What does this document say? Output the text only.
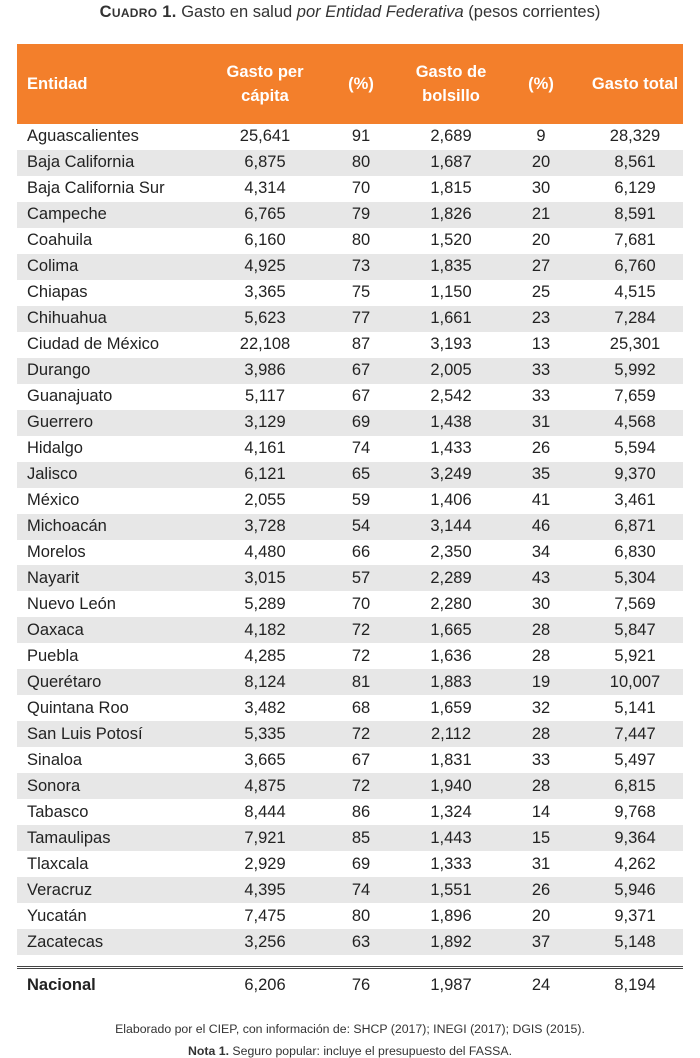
Cuadro 1. Gasto en salud por Entidad Federativa (pesos corrientes)
Entidad	Gasto per cápita	(%)	Gasto de bolsillo	(%)	Gasto total
Aguascalientes	25,641	91	2,689	9	28,329
Baja California	6,875	80	1,687	20	8,561
Baja California Sur	4,314	70	1,815	30	6,129
Campeche	6,765	79	1,826	21	8,591
Coahuila	6,160	80	1,520	20	7,681
Colima	4,925	73	1,835	27	6,760
Chiapas	3,365	75	1,150	25	4,515
Chihuahua	5,623	77	1,661	23	7,284
Ciudad de México	22,108	87	3,193	13	25,301
Durango	3,986	67	2,005	33	5,992
Guanajuato	5,117	67	2,542	33	7,659
Guerrero	3,129	69	1,438	31	4,568
Hidalgo	4,161	74	1,433	26	5,594
Jalisco	6,121	65	3,249	35	9,370
México	2,055	59	1,406	41	3,461
Michoacán	3,728	54	3,144	46	6,871
Morelos	4,480	66	2,350	34	6,830
Nayarit	3,015	57	2,289	43	5,304
Nuevo León	5,289	70	2,280	30	7,569
Oaxaca	4,182	72	1,665	28	5,847
Puebla	4,285	72	1,636	28	5,921
Querétaro	8,124	81	1,883	19	10,007
Quintana Roo	3,482	68	1,659	32	5,141
San Luis Potosí	5,335	72	2,112	28	7,447
Sinaloa	3,665	67	1,831	33	5,497
Sonora	4,875	72	1,940	28	6,815
Tabasco	8,444	86	1,324	14	9,768
Tamaulipas	7,921	85	1,443	15	9,364
Tlaxcala	2,929	69	1,333	31	4,262
Veracruz	4,395	74	1,551	26	5,946
Yucatán	7,475	80	1,896	20	9,371
Zacatecas	3,256	63	1,892	37	5,148

Nacional	6,206	76	1,987	24	8,194
Elaborado por el CIEP, con información de: SHCP (2017); INEGI (2017); DGIS (2015).
Nota 1. Seguro popular: incluye el presupuesto del FASSA.
